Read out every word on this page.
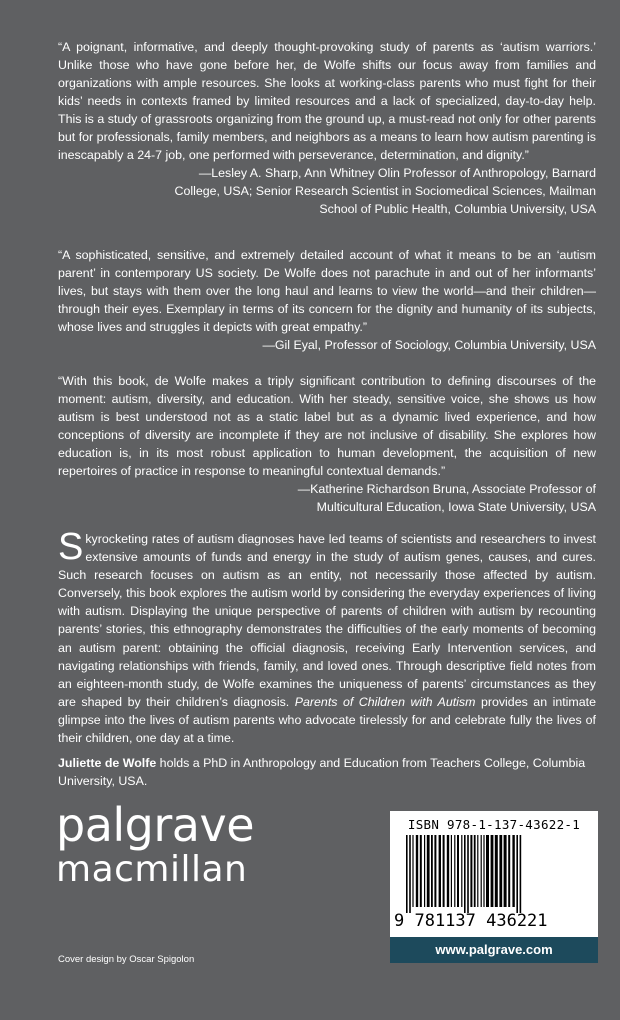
“A poignant, informative, and deeply thought-provoking study of parents as ‘autism warriors.’ Unlike those who have gone before her, de Wolfe shifts our focus away from families and organizations with ample resources. She looks at working-class parents who must fight for their kids’ needs in contexts framed by limited resources and a lack of specialized, day-to-day help. This is a study of grassroots organizing from the ground up, a must-read not only for other parents but for professionals, family members, and neighbors as a means to learn how autism parenting is inescapably a 24-7 job, one performed with perseverance, determination, and dignity.”
—Lesley A. Sharp, Ann Whitney Olin Professor of Anthropology, Barnard College, USA; Senior Research Scientist in Sociomedical Sciences, Mailman School of Public Health, Columbia University, USA
“A sophisticated, sensitive, and extremely detailed account of what it means to be an ‘autism parent’ in contemporary US society. De Wolfe does not parachute in and out of her informants’ lives, but stays with them over the long haul and learns to view the world—and their children—through their eyes. Exemplary in terms of its concern for the dignity and humanity of its subjects, whose lives and struggles it depicts with great empathy.”
—Gil Eyal, Professor of Sociology, Columbia University, USA
“With this book, de Wolfe makes a triply significant contribution to defining discourses of the moment: autism, diversity, and education. With her steady, sensitive voice, she shows us how autism is best understood not as a static label but as a dynamic lived experience, and how conceptions of diversity are incomplete if they are not inclusive of disability. She explores how education is, in its most robust application to human development, the acquisition of new repertoires of practice in response to meaningful contextual demands.”
—Katherine Richardson Bruna, Associate Professor of Multicultural Education, Iowa State University, USA
Skyrocketing rates of autism diagnoses have led teams of scientists and researchers to invest extensive amounts of funds and energy in the study of autism genes, causes, and cures. Such research focuses on autism as an entity, not necessarily those affected by autism. Conversely, this book explores the autism world by considering the everyday experiences of living with autism. Displaying the unique perspective of parents of children with autism by recounting parents’ stories, this ethnography demonstrates the difficulties of the early moments of becoming an autism parent: obtaining the official diagnosis, receiving Early Intervention services, and navigating relationships with friends, family, and loved ones. Through descriptive field notes from an eighteen-month study, de Wolfe examines the uniqueness of parents’ circumstances as they are shaped by their children’s diagnosis. Parents of Children with Autism provides an intimate glimpse into the lives of autism parents who advocate tirelessly for and celebrate fully the lives of their children, one day at a time.
Juliette de Wolfe holds a PhD in Anthropology and Education from Teachers College, Columbia University, USA.
palgrave
macmillan
ISBN 978-1-137-43622-1
9 781137 436221
www.palgrave.com
Cover design by Oscar Spigolon
